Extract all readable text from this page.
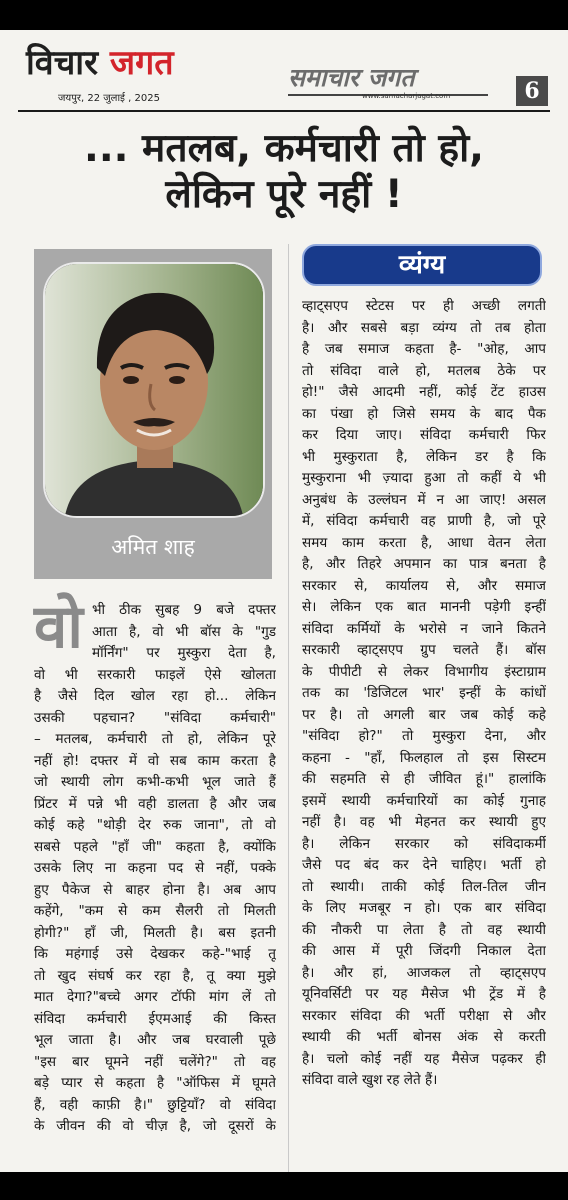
विचार जगत
जयपुर, 22 जुलाई , 2025
समाचार जगत
www.samacharjagat.com	6
... मतलब, कर्मचारी तो हो,
लेकिन पूरे नहीं !
अमित शाह
व्यंग्य
वो भी ठीक सुबह 9 बजे दफ्तर
आता है, वो भी बॉस के "गुड
मॉर्निंग" पर मुस्कुरा देता है,
वो भी सरकारी फाइलें ऐसे खोलता
है जैसे दिल खोल रहा हो... लेकिन
उसकी पहचान? "संविदा कर्मचारी"
– मतलब, कर्मचारी तो हो, लेकिन पूरे
नहीं हो! दफ्तर में वो सब काम करता है
जो स्थायी लोग कभी-कभी भूल जाते हैं
प्रिंटर में पन्ने भी वही डालता है और जब
कोई कहे "थोड़ी देर रुक जाना", तो वो
सबसे पहले "हाँ जी" कहता है, क्योंकि
उसके लिए ना कहना पद से नहीं, पक्के
हुए पैकेज से बाहर होना है। अब आप
कहेंगे, "कम से कम सैलरी तो मिलती
होगी?" हाँ जी, मिलती है। बस इतनी
कि महंगाई उसे देखकर कहे-"भाई तू
तो खुद संघर्ष कर रहा है, तू क्या मुझे
मात देगा?"बच्चे अगर टॉफी मांग लें तो
संविदा कर्मचारी ईएमआई की किस्त
भूल जाता है। और जब घरवाली पूछे
"इस बार घूमने नहीं चलेंगे?" तो वह
बड़े प्यार से कहता है "ऑफिस में घूमते
हैं, वही काफ़ी है।" छुट्टियाँ? वो संविदा
के जीवन की वो चीज़ है, जो दूसरों के
व्हाट्सएप स्टेटस पर ही अच्छी लगती
है। और सबसे बड़ा व्यंग्य तो तब होता
है जब समाज कहता है- "ओह, आप
तो संविदा वाले हो, मतलब ठेके पर
हो!" जैसे आदमी नहीं, कोई टेंट हाउस
का पंखा हो जिसे समय के बाद पैक
कर दिया जाए। संविदा कर्मचारी फिर
भी मुस्कुराता है, लेकिन डर है कि
मुस्कुराना भी ज़्यादा हुआ तो कहीं ये भी
अनुबंध के उल्लंघन में न आ जाए! असल
में, संविदा कर्मचारी वह प्राणी है, जो पूरे
समय काम करता है, आधा वेतन लेता
है, और तिहरे अपमान का पात्र बनता है
सरकार से, कार्यालय से, और समाज
से। लेकिन एक बात माननी पड़ेगी इन्हीं
संविदा कर्मियों के भरोसे न जाने कितने
सरकारी व्हाट्सएप ग्रुप चलते हैं। बॉस
के पीपीटी से लेकर विभागीय इंस्टाग्राम
तक का 'डिजिटल भार' इन्हीं के कांधों
पर है। तो अगली बार जब कोई कहे
"संविदा हो?" तो मुस्कुरा देना, और
कहना - "हाँ, फिलहाल तो इस सिस्टम
की सहमति से ही जीवित हूं।" हालांकि
इसमें स्थायी कर्मचारियों का कोई गुनाह
नहीं है। वह भी मेहनत कर स्थायी हुए
है। लेकिन सरकार को संविदाकर्मी
जैसे पद बंद कर देने चाहिए। भर्ती हो
तो स्थायी। ताकी कोई तिल-तिल जीन
के लिए मजबूर न हो। एक बार संविदा
की नौकरी पा लेता है तो वह स्थायी
की आस में पूरी जिंदगी निकाल देता
है। और हां, आजकल तो व्हाट्सएप
यूनिवर्सिटी पर यह मैसेज भी ट्रेंड में है
सरकार संविदा की भर्ती परीक्षा से और
स्थायी की भर्ती बोनस अंक से करती
है। चलो कोई नहीं यह मैसेज पढ़कर ही
संविदा वाले खुश रह लेते हैं।
